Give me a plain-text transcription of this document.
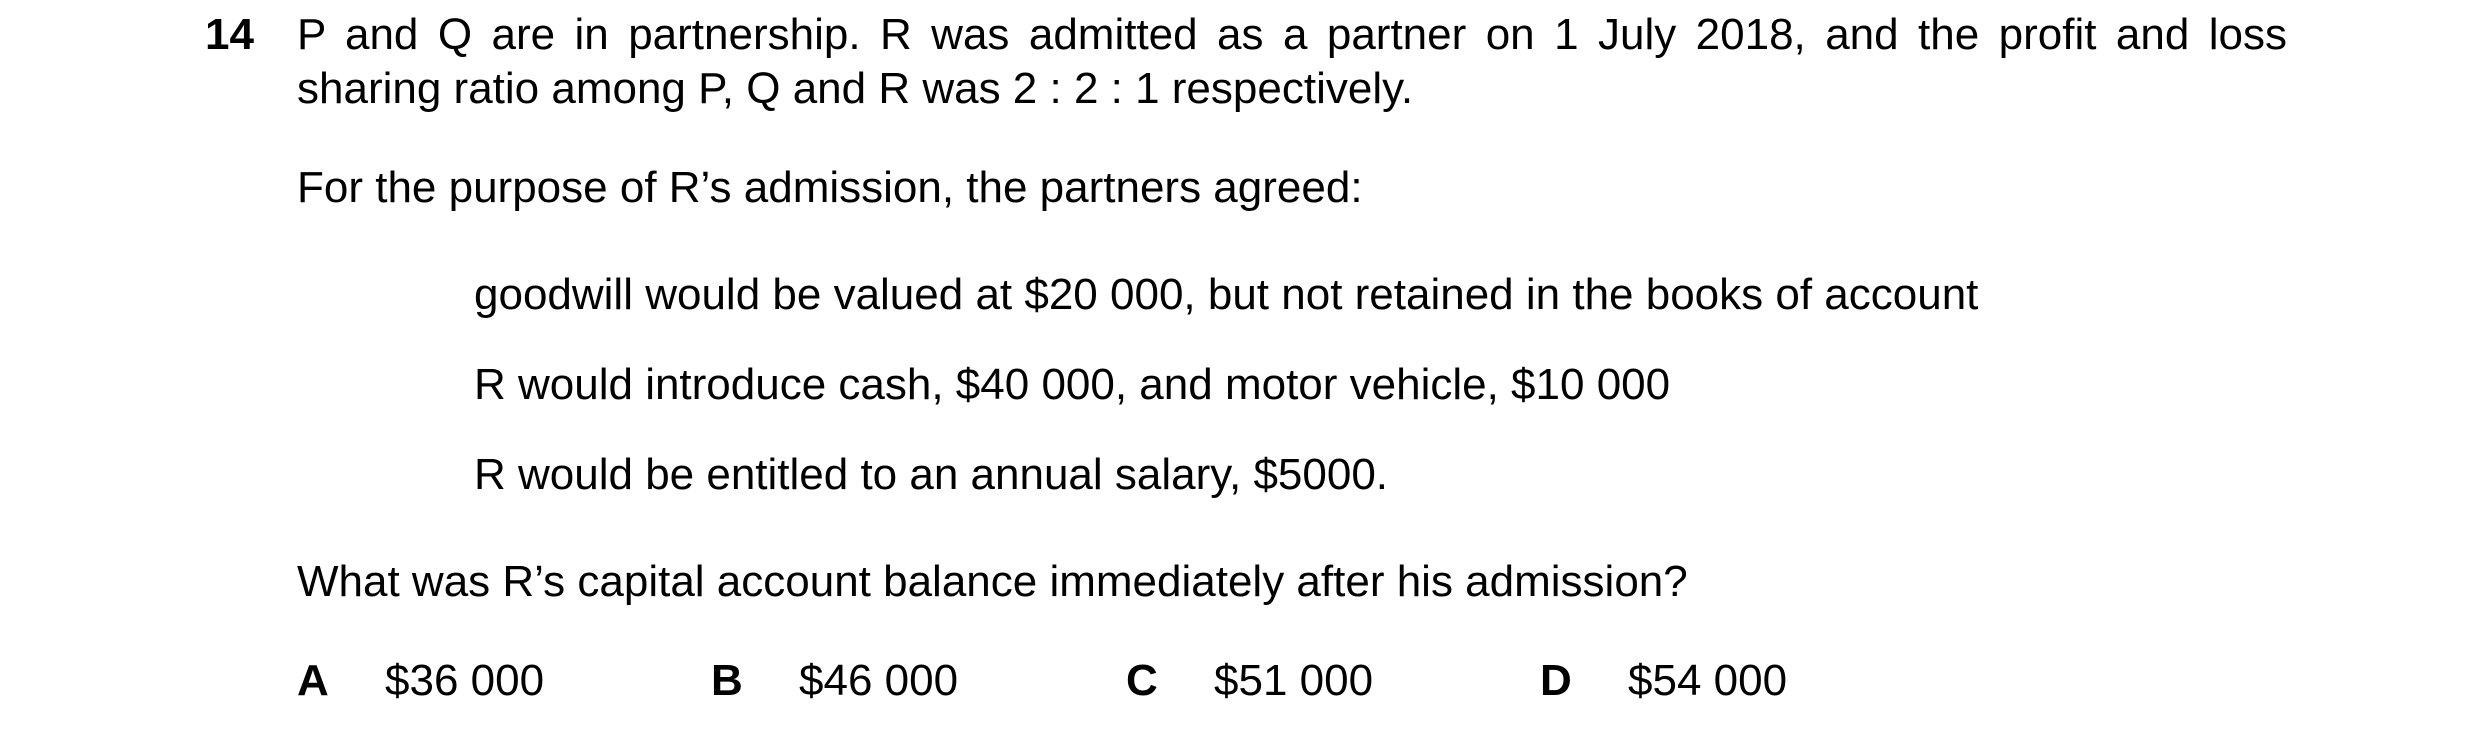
14 P and Q are in partnership. R was admitted as a partner on 1 July 2018, and the profit and loss sharing ratio among P, Q and R was 2 : 2 : 1 respectively.
For the purpose of R’s admission, the partners agreed:
goodwill would be valued at $20 000, but not retained in the books of account
R would introduce cash, $40 000, and motor vehicle, $10 000
R would be entitled to an annual salary, $5000.
What was R’s capital account balance immediately after his admission?
A $36 000	B $46 000	C $51 000	D $54 000
